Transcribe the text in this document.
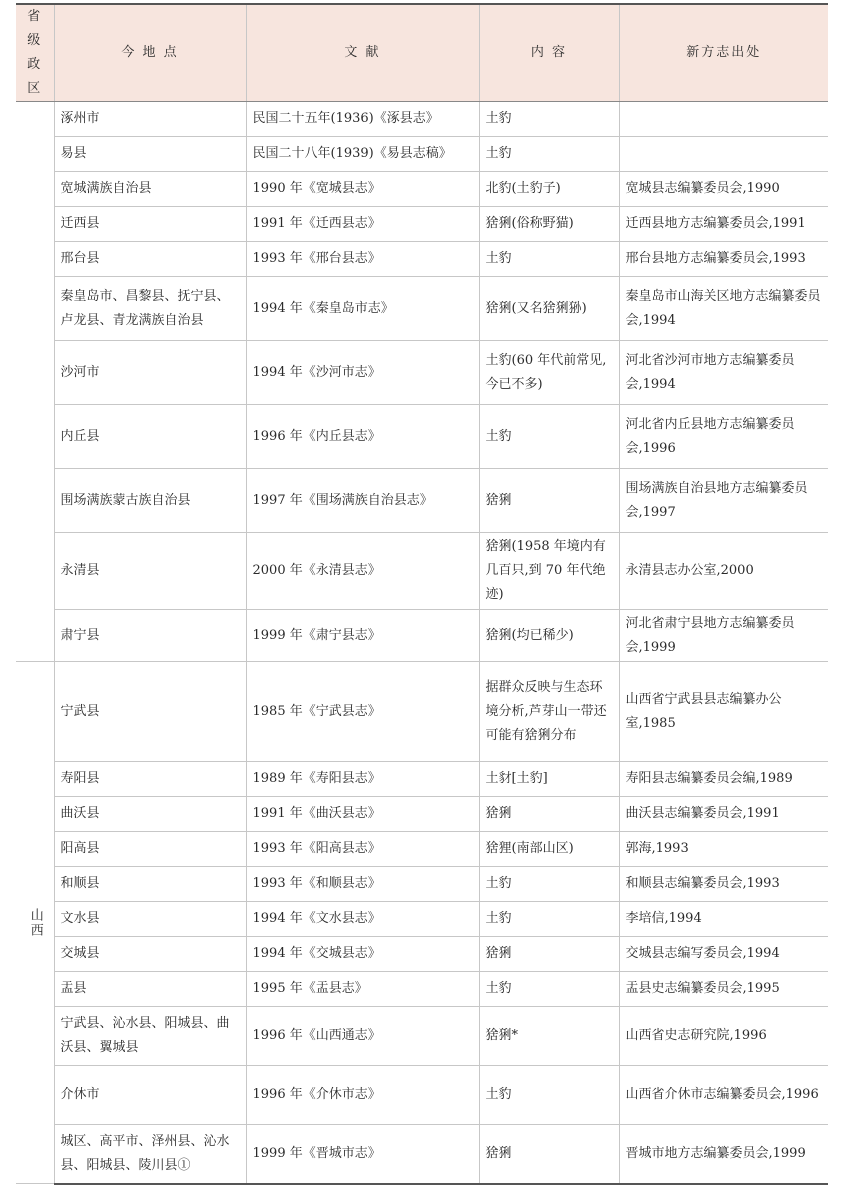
省级政区	今 地 点	文 献	内 容	新方志出处
	涿州市	民国二十五年(1936)《涿县志》	土豹	
	易县	民国二十八年(1939)《易县志稿》	土豹	
	宽城满族自治县	1990 年《宽城县志》	北豹(土豹子)	宽城县志编纂委员会,1990
	迁西县	1991 年《迁西县志》	猞猁(俗称野猫)	迁西县地方志编纂委员会,1991
	邢台县	1993 年《邢台县志》	土豹	邢台县地方志编纂委员会,1993
	秦皇岛市、昌黎县、抚宁县、卢龙县、青龙满族自治县	1994 年《秦皇岛市志》	猞猁(又名猞猁狲)	秦皇岛市山海关区地方志编纂委员会,1994
	沙河市	1994 年《沙河市志》	土豹(60 年代前常见,今已不多)	河北省沙河市地方志编纂委员会,1994
	内丘县	1996 年《内丘县志》	土豹	河北省内丘县地方志编纂委员会,1996
	围场满族蒙古族自治县	1997 年《围场满族自治县志》	猞猁	围场满族自治县地方志编纂委员会,1997
	永清县	2000 年《永清县志》	猞猁(1958 年境内有几百只,到 70 年代绝迹)	永清县志办公室,2000
	肃宁县	1999 年《肃宁县志》	猞猁(均已稀少)	河北省肃宁县地方志编纂委员会,1999
山西	宁武县	1985 年《宁武县志》	据群众反映与生态环境分析,芦芽山一带还可能有猞猁分布	山西省宁武县县志编纂办公室,1985
	寿阳县	1989 年《寿阳县志》	土豺[土豹]	寿阳县志编纂委员会编,1989
	曲沃县	1991 年《曲沃县志》	猞猁	曲沃县志编纂委员会,1991
	阳高县	1993 年《阳高县志》	猞狸(南部山区)	郭海,1993
	和顺县	1993 年《和顺县志》	土豹	和顺县志编纂委员会,1993
	文水县	1994 年《文水县志》	土豹	李培信,1994
	交城县	1994 年《交城县志》	猞猁	交城县志编写委员会,1994
	盂县	1995 年《盂县志》	土豹	盂县史志编纂委员会,1995
	宁武县、沁水县、阳城县、曲沃县、翼城县	1996 年《山西通志》	猞猁*	山西省史志研究院,1996
	介休市	1996 年《介休市志》	土豹	山西省介休市志编纂委员会,1996
	城区、高平市、泽州县、沁水县、阳城县、陵川县①	1999 年《晋城市志》	猞猁	晋城市地方志编纂委员会,1999
